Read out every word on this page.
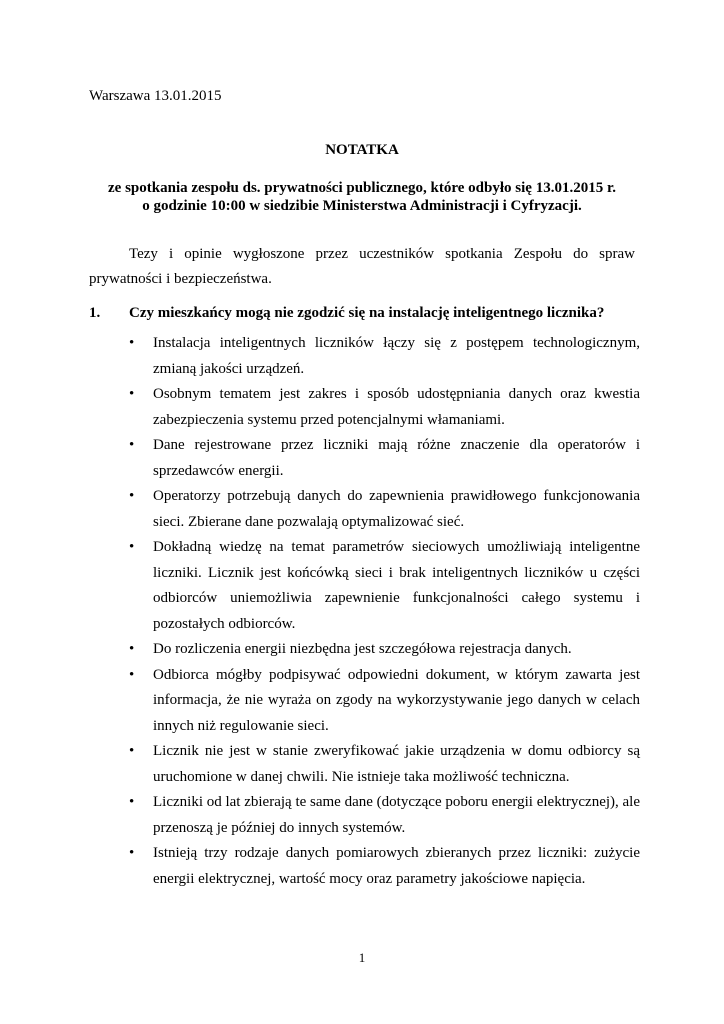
Warszawa 13.01.2015
NOTATKA
ze spotkania zespołu ds. prywatności publicznego, które odbyło się 13.01.2015 r.
o godzinie 10:00 w siedzibie Ministerstwa Administracji i Cyfryzacji.
Tezy i opinie wygłoszone przez uczestników spotkania Zespołu do spraw prywatności i bezpieczeństwa.
1. Czy mieszkańcy mogą nie zgodzić się na instalację inteligentnego licznika?
• Instalacja inteligentnych liczników łączy się z postępem technologicznym, zmianą jakości urządzeń.
• Osobnym tematem jest zakres i sposób udostępniania danych oraz kwestia zabezpieczenia systemu przed potencjalnymi włamaniami.
• Dane rejestrowane przez liczniki mają różne znaczenie dla operatorów i sprzedawców energii.
• Operatorzy potrzebują danych do zapewnienia prawidłowego funkcjonowania sieci. Zbierane dane pozwalają optymalizować sieć.
• Dokładną wiedzę na temat parametrów sieciowych umożliwiają inteligentne liczniki. Licznik jest końcówką sieci i brak inteligentnych liczników u części odbiorców uniemożliwia zapewnienie funkcjonalności całego systemu i pozostałych odbiorców.
• Do rozliczenia energii niezbędna jest szczegółowa rejestracja danych.
• Odbiorca mógłby podpisywać odpowiedni dokument, w którym zawarta jest informacja, że nie wyraża on zgody na wykorzystywanie jego danych w celach innych niż regulowanie sieci.
• Licznik nie jest w stanie zweryfikować jakie urządzenia w domu odbiorcy są uruchomione w danej chwili. Nie istnieje taka możliwość techniczna.
• Liczniki od lat zbierają te same dane (dotyczące poboru energii elektrycznej), ale przenoszą je później do innych systemów.
• Istnieją trzy rodzaje danych pomiarowych zbieranych przez liczniki: zużycie energii elektrycznej, wartość mocy oraz parametry jakościowe napięcia.
1
